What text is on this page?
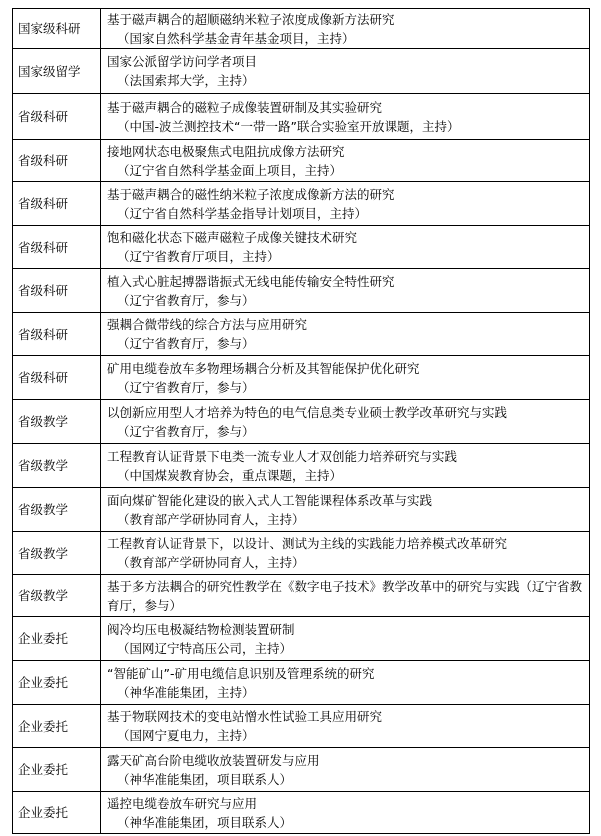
国家级科研	基于磁声耦合的超顺磁纳米粒子浓度成像新方法研究
（国家自然科学基金青年基金项目，主持）

国家级留学	国家公派留学访问学者项目
（法国索邦大学，主持）

省级科研	基于磁声耦合的磁粒子成像装置研制及其实验研究
（中国-波兰测控技术“一带一路”联合实验室开放课题，主持）

省级科研	接地网状态电极聚焦式电阻抗成像方法研究
（辽宁省自然科学基金面上项目，主持）

省级科研	基于磁声耦合的磁性纳米粒子浓度成像新方法的研究
（辽宁省自然科学基金指导计划项目，主持）

省级科研	饱和磁化状态下磁声磁粒子成像关键技术研究
（辽宁省教育厅项目，主持）

省级科研	植入式心脏起搏器谐振式无线电能传输安全特性研究
（辽宁省教育厅，参与）

省级科研	强耦合微带线的综合方法与应用研究
（辽宁省教育厅，参与）

省级科研	矿用电缆卷放车多物理场耦合分析及其智能保护优化研究
（辽宁省教育厅，参与）

省级教学	以创新应用型人才培养为特色的电气信息类专业硕士教学改革研究与实践
（辽宁省教育厅，参与）

省级教学	工程教育认证背景下电类一流专业人才双创能力培养研究与实践
（中国煤炭教育协会，重点课题，主持）

省级教学	面向煤矿智能化建设的嵌入式人工智能课程体系改革与实践
（教育部产学研协同育人，主持）

省级教学	工程教育认证背景下，以设计、测试为主线的实践能力培养模式改革研究
（教育部产学研协同育人，主持）

省级教学	基于多方法耦合的研究性教学在《数字电子技术》教学改革中的研究与实践（辽宁省教育厅，参与）

企业委托	阀冷均压电极凝结物检测装置研制
（国网辽宁特高压公司，主持）

企业委托	“智能矿山”-矿用电缆信息识别及管理系统的研究
（神华准能集团，主持）

企业委托	基于物联网技术的变电站憎水性试验工具应用研究
（国网宁夏电力，主持）

企业委托	露天矿高台阶电缆收放装置研发与应用
（神华准能集团，项目联系人）

企业委托	遥控电缆卷放车研究与应用
（神华准能集团，项目联系人）
